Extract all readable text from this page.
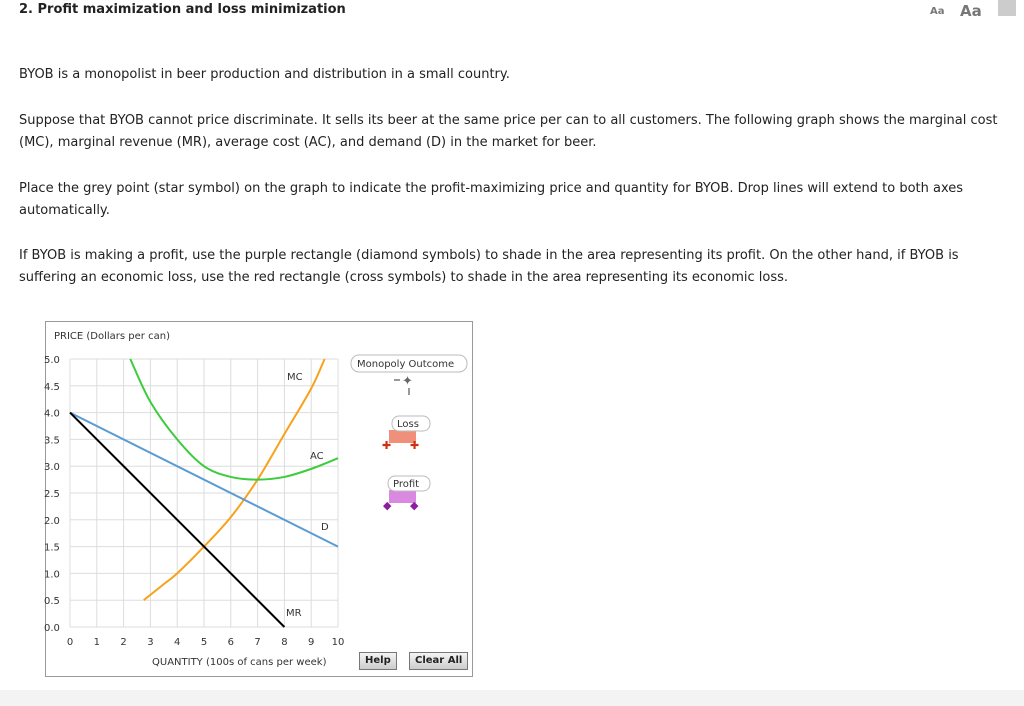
2. Profit maximization and loss minimization	Aa Aa
BYOB is a monopolist in beer production and distribution in a small country.
Suppose that BYOB cannot price discriminate. It sells its beer at the same price per can to all customers. The following graph shows the marginal cost (MC), marginal revenue (MR), average cost (AC), and demand (D) in the market for beer.
Place the grey point (star symbol) on the graph to indicate the profit-maximizing price and quantity for BYOB. Drop lines will extend to both axes automatically.
If BYOB is making a profit, use the purple rectangle (diamond symbols) to shade in the area representing its profit. On the other hand, if BYOB is suffering an economic loss, use the red rectangle (cross symbols) to shade in the area representing its economic loss.
PRICE (Dollars per can)
QUANTITY (100s of cans per week)
0 1 2 3 4 5 6 7 8 9 10
0.0
0.5
1.0
1.5
2.0
2.5
3.0
3.5
4.0
4.5
5.0
MC
AC
D
MR
Monopoly Outcome
✦
✚ ✚
Loss
◆ ◆
Profit
Help	Clear All
